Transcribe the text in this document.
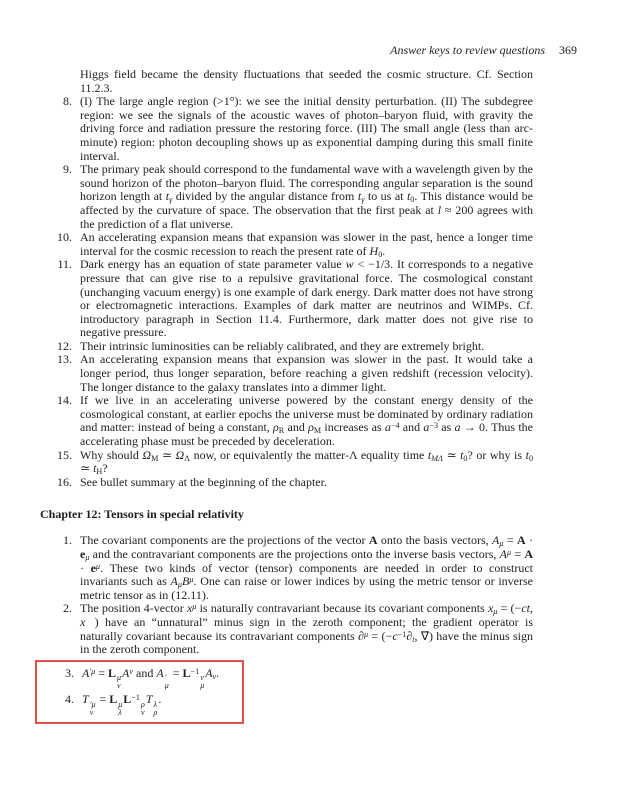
Answer keys to review questions 369

Higgs field became the density fluctuations that seeded the cosmic structure. Cf. Section 11.2.3.

8. (I) The large angle region (>1°): we see the initial density perturbation. (II) The subdegree region: we see the signals of the acoustic waves of photon–baryon fluid, with gravity the driving force and radiation pressure the restoring force. (III) The small angle (less than arc-minute) region: photon decoupling shows up as exponential damping during this small finite interval.
9. The primary peak should correspond to the fundamental wave with a wavelength given by the sound horizon of the photon–baryon fluid. The corresponding angular separation is the sound horizon length at $t_\gamma$ divided by the angular distance from $t_\gamma$ to us at $t_0$. This distance would be affected by the curvature of space. The observation that the first peak at l ≈ 200 agrees with the prediction of a flat universe.
10. An accelerating expansion means that expansion was slower in the past, hence a longer time interval for the cosmic recession to reach the present rate of $H_0$.
11. Dark energy has an equation of state parameter value w < −1/3. It corresponds to a negative pressure that can give rise to a repulsive gravitational force. The cosmological constant (unchanging vacuum energy) is one example of dark energy. Dark matter does not have strong or electromagnetic interactions. Examples of dark matter are neutrinos and WIMPs. Cf. introductory paragraph in Section 11.4. Furthermore, dark matter does not give rise to negative pressure.
12. Their intrinsic luminosities can be reliably calibrated, and they are extremely bright.
13. An accelerating expansion means that expansion was slower in the past. It would take a longer period, thus longer separation, before reaching a given redshift (recession velocity). The longer distance to the galaxy translates into a dimmer light.
14. If we live in an accelerating universe powered by the constant energy density of the cosmological constant, at earlier epochs the universe must be dominated by ordinary radiation and matter: instead of being a constant, $\rho_R$ and $\rho_M$ increases as $a^{-4}$ and $a^{-3}$ as a → 0. Thus the accelerating phase must be preceded by deceleration.
15. Why should $\Omega_M$ ≃ $\Omega_\Lambda$ now, or equivalently the matter-Λ equality time $t_{M\Lambda}$ ≃ $t_0$? or why is $t_0$ ≃ $t_H$?
16. See bullet summary at the beginning of the chapter.
Chapter 12: Tensors in special relativity
1. The covariant components are the projections of the vector A onto the basis vectors, $A_\mu = A \cdot e_\mu$ and the contravariant components are the projections onto the inverse basis vectors, $A^\mu = A \cdot e^\mu$. These two kinds of vector (tensor) components are needed in order to construct invariants such as $A_\mu B^\mu$. One can raise or lower indices by using the metric tensor or inverse metric tensor as in (12.11).
2. The position 4-vector $x^\mu$ is naturally contravariant because its covariant components $x_\mu = (-ct$, x⃗) have an “unnatural” minus sign in the zeroth component; the gradient operator is naturally covariant because its contravariant components $\partial^\mu = (-c^{-1}\partial_t$, ∇⃗) have the minus sign in the zeroth component.
3. $A^{'\mu} = L$ μ
ν
$A^\nu$ and A ′
μ
= $L^{-1}$
ν
μ
$A_\nu$.
4. T ′μ
ν
= L μ
λ
$L^{-1}$
ρ
ν
T λ
ρ
.
